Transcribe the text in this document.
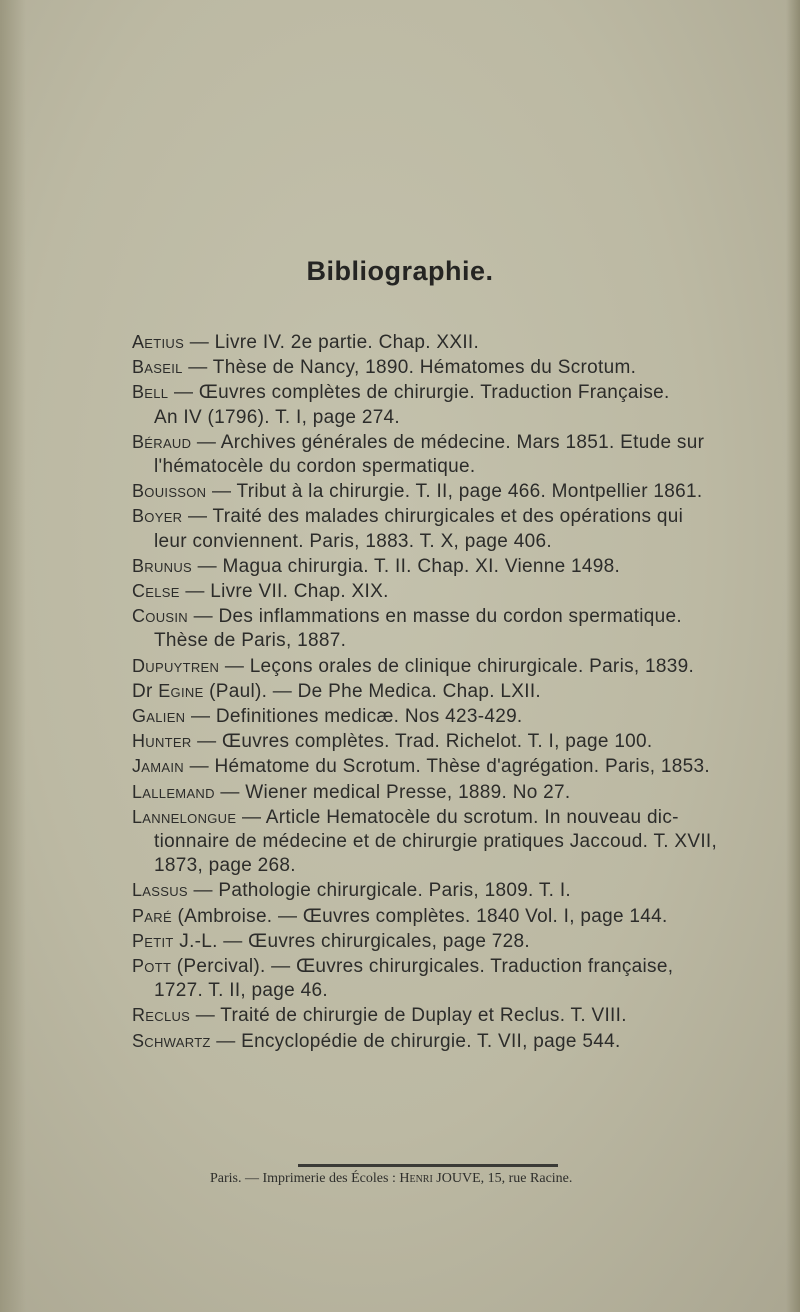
Bibliographie.
Aetius — Livre IV. 2e partie. Chap. XXII.
Baseil — Thèse de Nancy, 1890. Hématomes du Scrotum.
Bell — Œuvres complètes de chirurgie. Traduction Française.
An IV (1796). T. I, page 274.
Béraud — Archives générales de médecine. Mars 1851. Etude sur
l'hématocèle du cordon spermatique.
Bouisson — Tribut à la chirurgie. T. II, page 466. Montpellier 1861.
Boyer — Traité des malades chirurgicales et des opérations qui
leur conviennent. Paris, 1883. T. X, page 406.
Brunus — Magua chirurgia. T. II. Chap. XI. Vienne 1498.
Celse — Livre VII. Chap. XIX.
Cousin — Des inflammations en masse du cordon spermatique.
Thèse de Paris, 1887.
Dupuytren — Leçons orales de clinique chirurgicale. Paris, 1839.
Dr Egine (Paul). — De Phe Medica. Chap. LXII.
Galien — Definitiones medicæ. Nos 423-429.
Hunter — Œuvres complètes. Trad. Richelot. T. I, page 100.
Jamain — Hématome du Scrotum. Thèse d'agrégation. Paris, 1853.
Lallemand — Wiener medical Presse, 1889. No 27.
Lannelongue — Article Hematocèle du scrotum. In nouveau dic-
tionnaire de médecine et de chirurgie pratiques Jaccoud. T. XVII,
1873, page 268.
Lassus — Pathologie chirurgicale. Paris, 1809. T. I.
Paré (Ambroise. — Œuvres complètes. 1840 Vol. I, page 144.
Petit J.-L. — Œuvres chirurgicales, page 728.
Pott (Percival). — Œuvres chirurgicales. Traduction française,
1727. T. II, page 46.
Reclus — Traité de chirurgie de Duplay et Reclus. T. VIII.
Schwartz — Encyclopédie de chirurgie. T. VII, page 544.
Paris. — Imprimerie des Écoles : Henri JOUVE, 15, rue Racine.
